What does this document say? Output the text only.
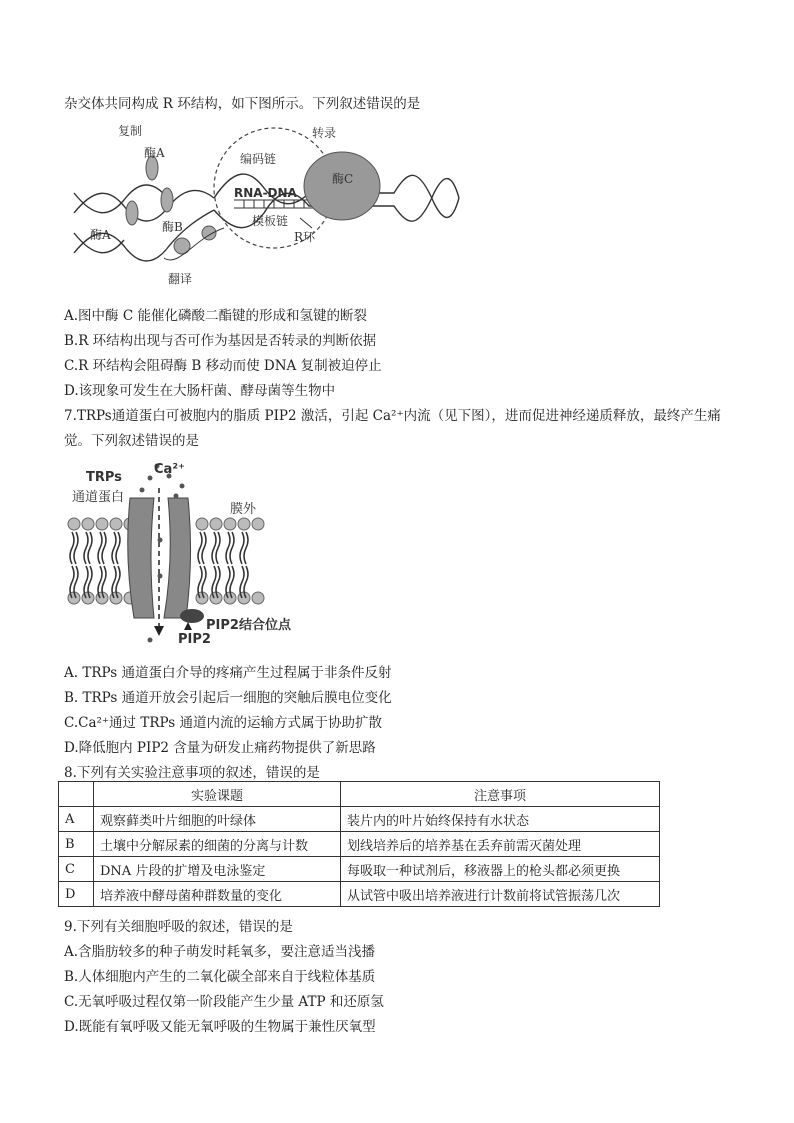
杂交体共同构成 R 环结构，如下图所示。下列叙述错误的是
复制	转录
酶A	编码链
酶C
RNA-DNA
酶B
酶A
模板链
R环
翻译
A.图中酶 C 能催化磷酸二酯键的形成和氢键的断裂
B.R 环结构出现与否可作为基因是否转录的判断依据
C.R 环结构会阻碍酶 B 移动而使 DNA 复制被迫停止
D.该现象可发生在大肠杆菌、酵母菌等生物中
7.TRPs通道蛋白可被胞内的脂质 PIP2 激活，引起 Ca²⁺内流（见下图），进而促进神经递质释放，最终产生痛
觉。下列叙述错误的是
TRPs
通道蛋白
Ca²⁺
膜外
PIP2结合位点
PIP2
A. TRPs 通道蛋白介导的疼痛产生过程属于非条件反射
B. TRPs 通道开放会引起后一细胞的突触后膜电位变化
C.Ca²⁺通过 TRPs 通道内流的运输方式属于协助扩散
D.降低胞内 PIP2 含量为研发止痛药物提供了新思路
8.下列有关实验注意事项的叙述，错误的是
	实验课题	注意事项
A	观察藓类叶片细胞的叶绿体	装片内的叶片始终保持有水状态
B	土壤中分解尿素的细菌的分离与计数	划线培养后的培养基在丢弃前需灭菌处理
C	DNA 片段的扩增及电泳鉴定	每吸取一种试剂后，移液器上的枪头都必须更换
D	培养液中酵母菌种群数量的变化	从试管中吸出培养液进行计数前将试管振荡几次
9.下列有关细胞呼吸的叙述，错误的是
A.含脂肪较多的种子萌发时耗氧多，要注意适当浅播
B.人体细胞内产生的二氧化碳全部来自于线粒体基质
C.无氧呼吸过程仅第一阶段能产生少量 ATP 和还原氢
D.既能有氧呼吸又能无氧呼吸的生物属于兼性厌氧型
